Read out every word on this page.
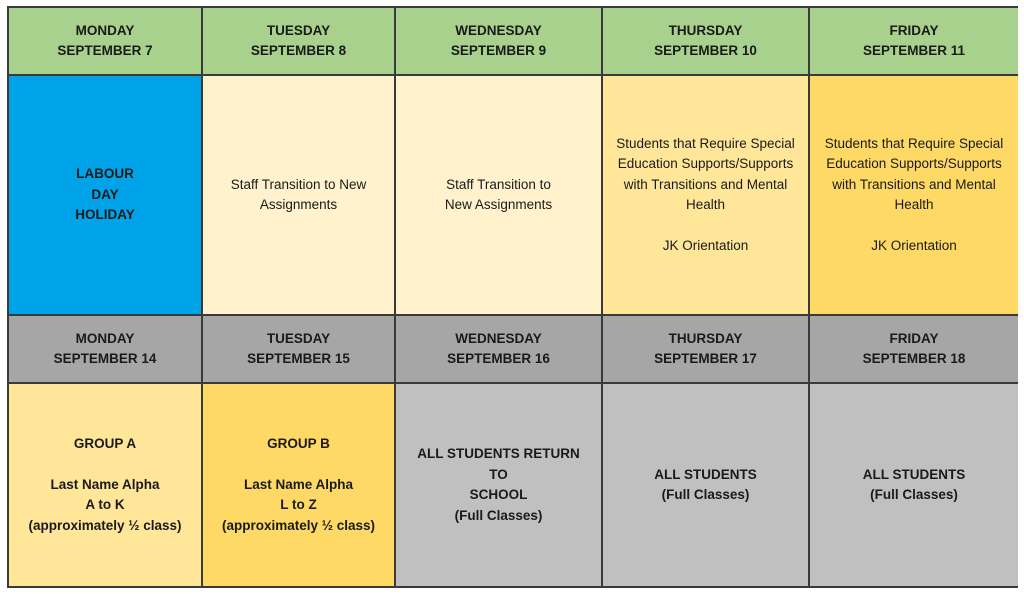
MONDAY
SEPTEMBER 7
TUESDAY
SEPTEMBER 8
WEDNESDAY
SEPTEMBER 9
THURSDAY
SEPTEMBER 10
FRIDAY
SEPTEMBER 11
LABOUR
DAY
HOLIDAY
Staff Transition to New
Assignments
Staff Transition to
New Assignments
Students that Require Special
Education Supports/Supports
with Transitions and Mental
Health
JK Orientation
Students that Require Special
Education Supports/Supports
with Transitions and Mental
Health
JK Orientation
MONDAY
SEPTEMBER 14
TUESDAY
SEPTEMBER 15
WEDNESDAY
SEPTEMBER 16
THURSDAY
SEPTEMBER 17
FRIDAY
SEPTEMBER 18
GROUP A
Last Name Alpha
A to K
(approximately ½ class)
GROUP B
Last Name Alpha
L to Z
(approximately ½ class)
ALL STUDENTS RETURN
TO
SCHOOL
(Full Classes)
ALL STUDENTS
(Full Classes)
ALL STUDENTS
(Full Classes)
